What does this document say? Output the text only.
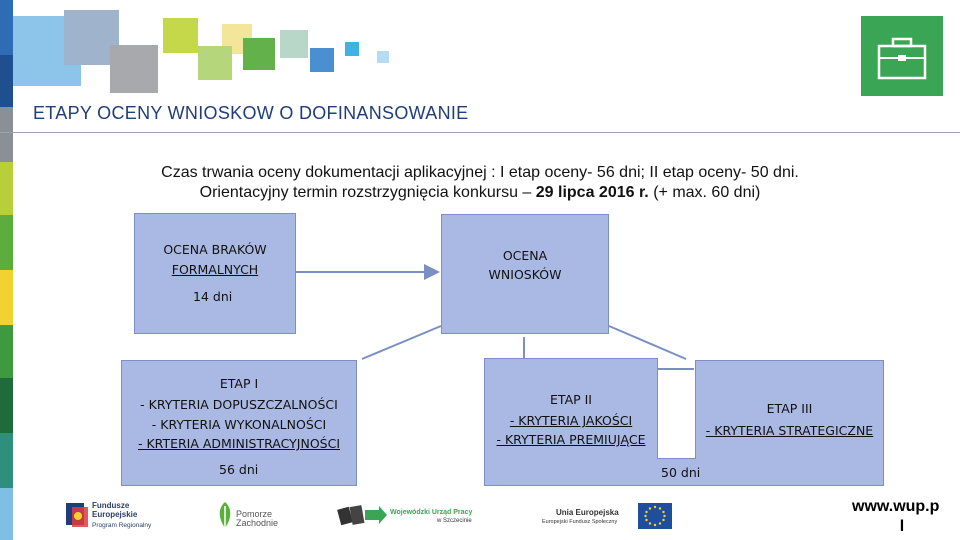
ETAPY OCENY WNIOSKOW O DOFINANSOWANIE
Czas trwania oceny dokumentacji aplikacyjnej : I etap oceny- 56 dni; II etap oceny- 50 dni.
Orientacyjny termin rozstrzygnięcia konkursu – 29 lipca 2016 r. (+ max. 60 dni)
OCENA BRAKÓW
FORMALNYCH
14 dni
OCENA
WNIOSKÓW
ETAP I
- KRYTERIA DOPUSZCZALNOŚCI
- KRYTERIA WYKONALNOŚCI
- KRTERIA ADMINISTRACYJNOŚCI
56 dni	50 dni
ETAP II
- KRYTERIA JAKOŚCI
- KRYTERIA PREMIUJĄCE
ETAP III
- KRYTERIA STRATEGICZNE
Fundusze
Europejskie
Program Regionalny
Pomorze
Zachodnie
Wojewódzki Urząd Pracy
w Szczecinie
Unia Europejska
Europejski Fundusz Społeczny
www.wup.p
l
